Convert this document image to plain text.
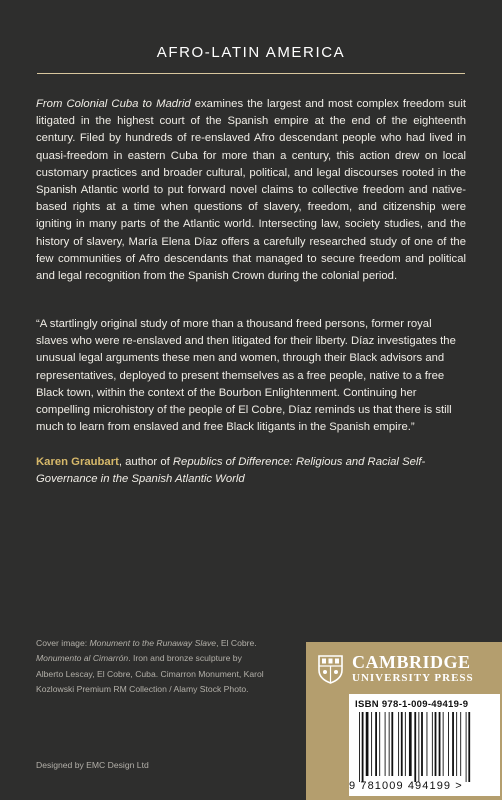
AFRO-LATIN AMERICA

From Colonial Cuba to Madrid examines the largest and most complex freedom suit litigated in the highest court of the Spanish empire at the end of the eighteenth century. Filed by hundreds of re-enslaved Afro descendant people who had lived in quasi-freedom in eastern Cuba for more than a century, this action drew on local customary practices and broader cultural, political, and legal discourses rooted in the Spanish Atlantic world to put forward novel claims to collective freedom and native-based rights at a time when questions of slavery, freedom, and citizenship were igniting in many parts of the Atlantic world. Intersecting law, society studies, and the history of slavery, María Elena Díaz offers a carefully researched study of one of the few communities of Afro descendants that managed to secure freedom and political and legal recognition from the Spanish Crown during the colonial period.

“A startlingly original study of more than a thousand freed persons, former royal slaves who were re-enslaved and then litigated for their liberty. Díaz investigates the unusual legal arguments these men and women, through their Black advisors and representatives, deployed to present themselves as a free people, native to a free Black town, within the context of the Bourbon Enlightenment. Continuing her compelling microhistory of the people of El Cobre, Díaz reminds us that there is still much to learn from enslaved and free Black litigants in the Spanish empire.”

Karen Graubart, author of Republics of Difference: Religious and Racial Self-Governance in the Spanish Atlantic World

Cover image: Monument to the Runaway Slave, El Cobre. Monumento al Cimarrón. Iron and bronze sculpture by Alberto Lescay, El Cobre, Cuba. Cimarron Monument, Karol Kozlowski Premium RM Collection / Alamy Stock Photo.

Designed by EMC Design Ltd
CAMBRIDGE
UNIVERSITY PRESS
ISBN 978-1-009-49419-9
9 781009 494199 >
